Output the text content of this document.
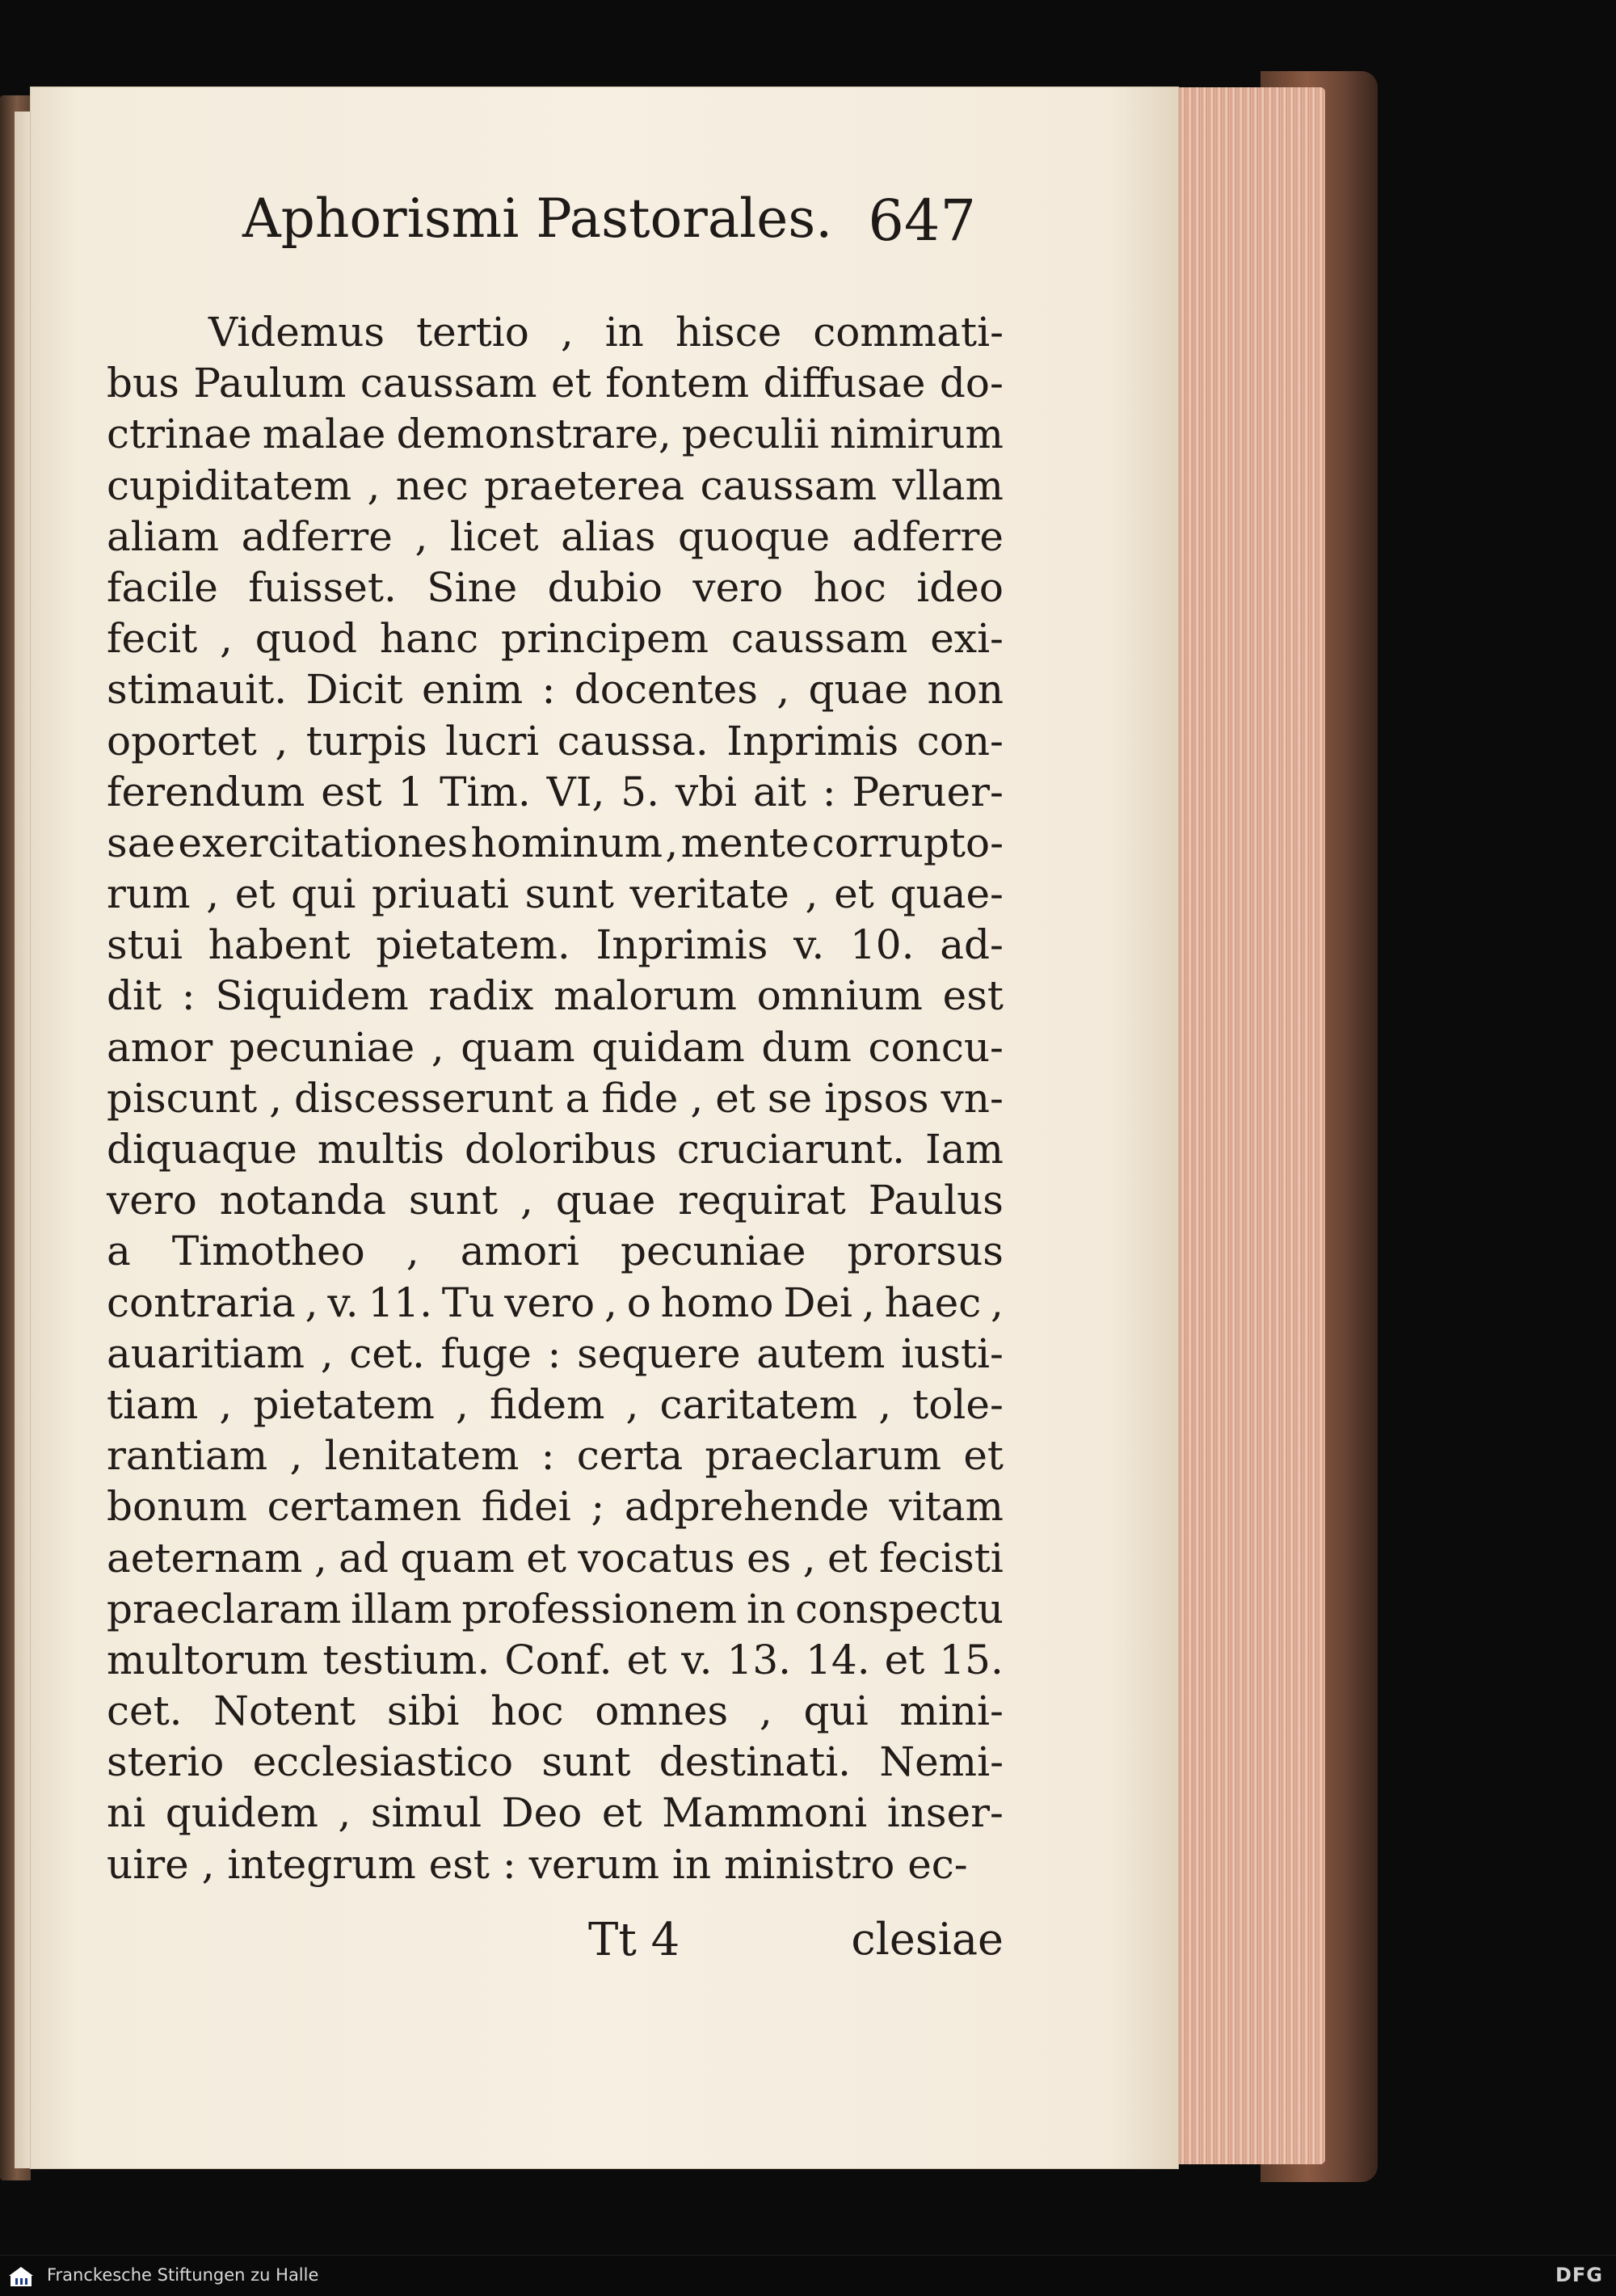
Aphorismi Pastorales. 647
Videmus tertio , in hisce commati-
bus Paulum caussam et fontem diffusae do-
ctrinae malae demonstrare, peculii nimirum
cupiditatem , nec praeterea caussam vllam
aliam adferre , licet alias quoque adferre
facile fuisset. Sine dubio vero hoc ideo
fecit , quod hanc principem caussam exi-
stimauit. Dicit enim : docentes , quae non
oportet , turpis lucri caussa. Inprimis con-
ferendum est 1 Tim. VI, 5. vbi ait : Peruer-
sae exercitationes hominum , mente corrupto-
rum , et qui priuati sunt veritate , et quae-
stui habent pietatem. Inprimis v. 10. ad-
dit : Siquidem radix malorum omnium est
amor pecuniae , quam quidam dum concu-
piscunt , discesserunt a fide , et se ipsos vn-
diquaque multis doloribus cruciarunt. Iam
vero notanda sunt , quae requirat Paulus
a Timotheo , amori pecuniae prorsus
contraria , v. 11. Tu vero , o homo Dei , haec ,
auaritiam , cet. fuge : sequere autem iusti-
tiam , pietatem , fidem , caritatem , tole-
rantiam , lenitatem : certa praeclarum et
bonum certamen fidei ; adprehende vitam
aeternam , ad quam et vocatus es , et fecisti
praeclaram illam professionem in conspectu
multorum testium. Conf. et v. 13. 14. et 15.
cet. Notent sibi hoc omnes , qui mini-
sterio ecclesiastico sunt destinati. Nemi-
ni quidem , simul Deo et Mammoni inser-
uire , integrum est : verum in ministro ec-
Tt 4	clesiae
Franckesche Stiftungen zu Halle	DFG
